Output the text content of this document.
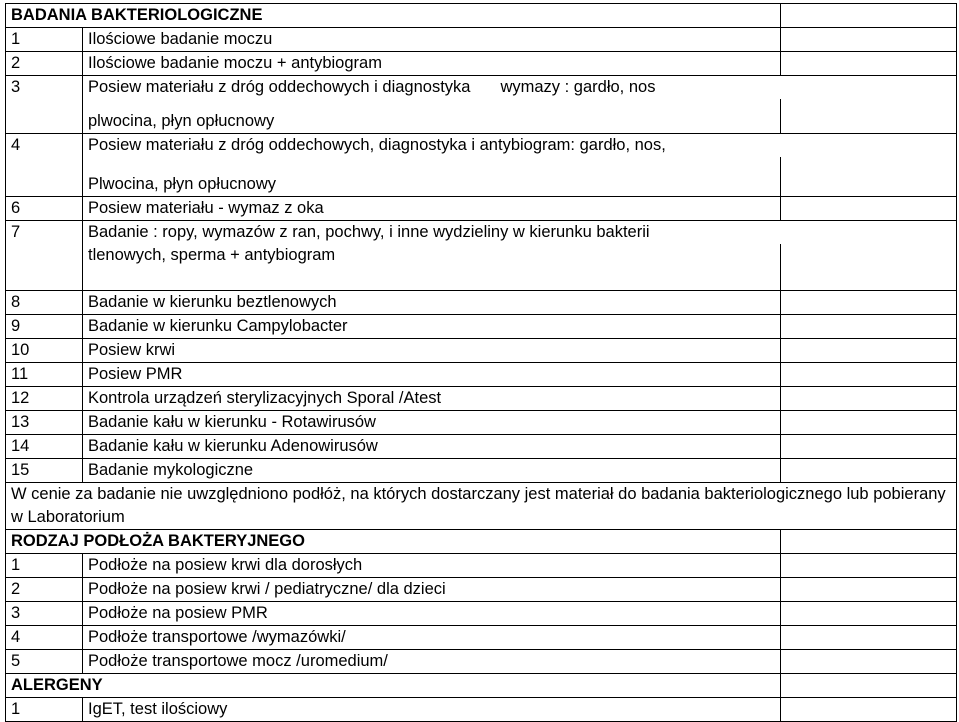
BADANIA BAKTERIOLOGICZNE		
1	Ilościowe badanie moczu	
2	Ilościowe badanie moczu + antybiogram	
3	Posiew materiału z dróg oddechowych i diagnostyka wymazy : gardło, nos	
	plwocina, płyn opłucnowy	
4	Posiew materiału z dróg oddechowych, diagnostyka i antybiogram: gardło, nos,	
	Plwocina, płyn opłucnowy	
6	Posiew materiału - wymaz z oka	
7	Badanie : ropy, wymazów z ran, pochwy, i inne wydzieliny w kierunku bakterii	
	tlenowych, sperma + antybiogram	
8	Badanie w kierunku beztlenowych	
9	Badanie w kierunku Campylobacter	
10	Posiew krwi	
11	Posiew PMR	
12	Kontrola urządzeń sterylizacyjnych Sporal /Atest	
13	Badanie kału w kierunku - Rotawirusów	
14	Badanie kału w kierunku Adenowirusów	
15	Badanie mykologiczne	
W cenie za badanie nie uwzględniono podłóż, na których dostarczany jest materiał do badania bakteriologicznego lub pobierany w Laboratorium		
RODZAJ PODŁOŻA BAKTERYJNEGO		
1	Podłoże na posiew krwi dla dorosłych	
2	Podłoże na posiew krwi / pediatryczne/ dla dzieci	
3	Podłoże na posiew PMR	
4	Podłoże transportowe /wymazówki/	
5	Podłoże transportowe mocz /uromedium/	
ALERGENY		
1	IgET, test ilościowy	
